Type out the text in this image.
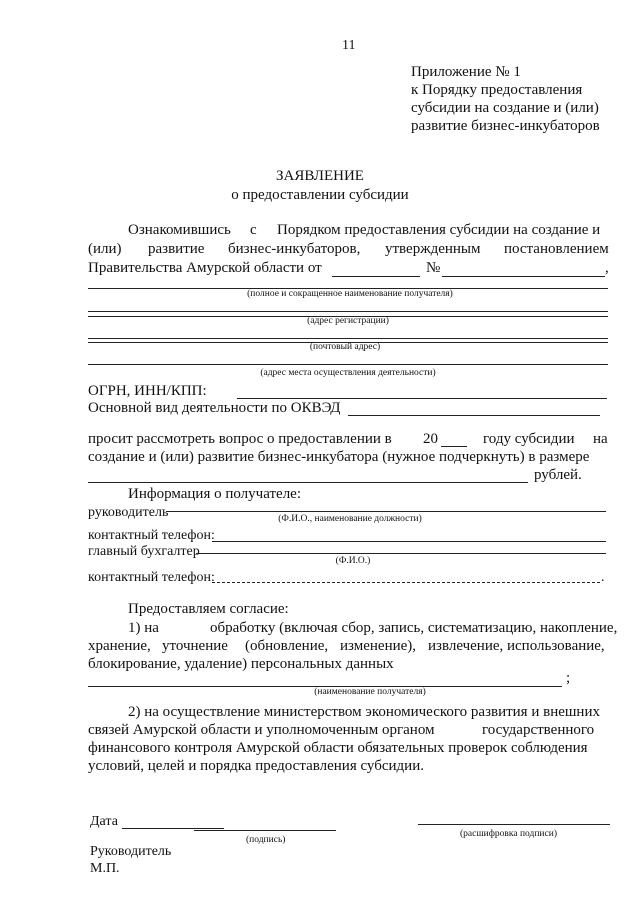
11
Приложение № 1
к Порядку предоставления
субсидии на создание и (или)
развитие бизнес-инкубаторов
ЗАЯВЛЕНИЕ
о предоставлении субсидии
Ознакомившись с Порядком предоставления субсидии на создание и
(или) развитие бизнес-инкубаторов, утвержденным постановлением
Правительства Амурской области от	№	,
(полное и сокращенное наименование получателя)
(адрес регистрации)
(почтовый адрес)
(адрес места осуществления деятельности)
ОГРН, ИНН/КПП:
Основной вид деятельности по ОКВЭД
просит рассмотреть вопрос о предоставлении в 20	году субсидии на
создание и (или) развитие бизнес-инкубатора (нужное подчеркнуть) в размере
рублей.
Информация о получателе:
руководитель	(Ф.И.О., наименование должности)
контактный телефон:
главный бухгалтер
(Ф.И.О.)
контактный телефон:	.
Предоставляем согласие:
1) на	обработку (включая сбор, запись, систематизацию, накопление,
хранение, уточнение (обновление, изменение), извлечение, использование,
блокирование, удаление) персональных данных
;
(наименование получателя)
2) на осуществление министерством экономического развития и внешних
связей Амурской области и уполномоченным органом	государственного
финансового контроля Амурской области обязательных проверок соблюдения
условий, целей и порядка предоставления субсидии.
Дата
Руководитель
М.П.
(подпись)
(расшифровка подписи)
